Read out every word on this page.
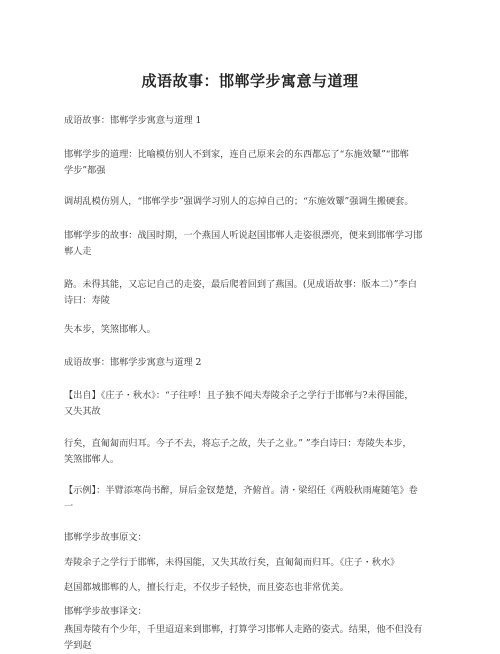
成语故事：邯郸学步寓意与道理
成语故事：邯郸学步寓意与道理 1
邯郸学步的道理：比喻模仿别人不到家，连自己原来会的东西都忘了“东施效颦”“邯郸
学步”都强
调胡乱模仿别人，“邯郸学步”强调学习别人的忘掉自己的；“东施效颦”强调生搬硬套。
邯郸学步的故事：战国时期，一个燕国人听说赵国邯郸人走姿很漂亮，便来到邯郸学习邯
郸人走
路。未得其能，又忘记自己的走姿，最后爬着回到了燕国。(见成语故事：版本二）”李白
诗曰：寿陵
失本步，笑煞邯郸人。
成语故事：邯郸学步寓意与道理 2
【出自】《庄子・秋水》：“子往呼！且子独不闻夫寿陵余子之学行于邯郸与?未得国能，
又失其故
行矣，直匍匐而归耳。今子不去，将忘子之故，失子之业。” ”李白诗曰：寿陵失本步，
笑煞邯郸人。
【示例】：半臂添寒尚书醉，屏后金钗楚楚，齐俯首。清・梁绍任《两般秋雨庵随笔》卷
一
邯郸学步故事原文：
寿陵余子之学行于邯郸，未得国能，又失其故行矣，直匍匐而归耳。《庄子・秋水》
赵国都城邯郸的人，擅长行走，不仅步子轻快，而且姿态也非常优美。
邯郸学步故事译文：
燕国寿陵有个少年，千里迢迢来到邯郸，打算学习邯郸人走路的姿式。结果，他不但没有
学到赵
